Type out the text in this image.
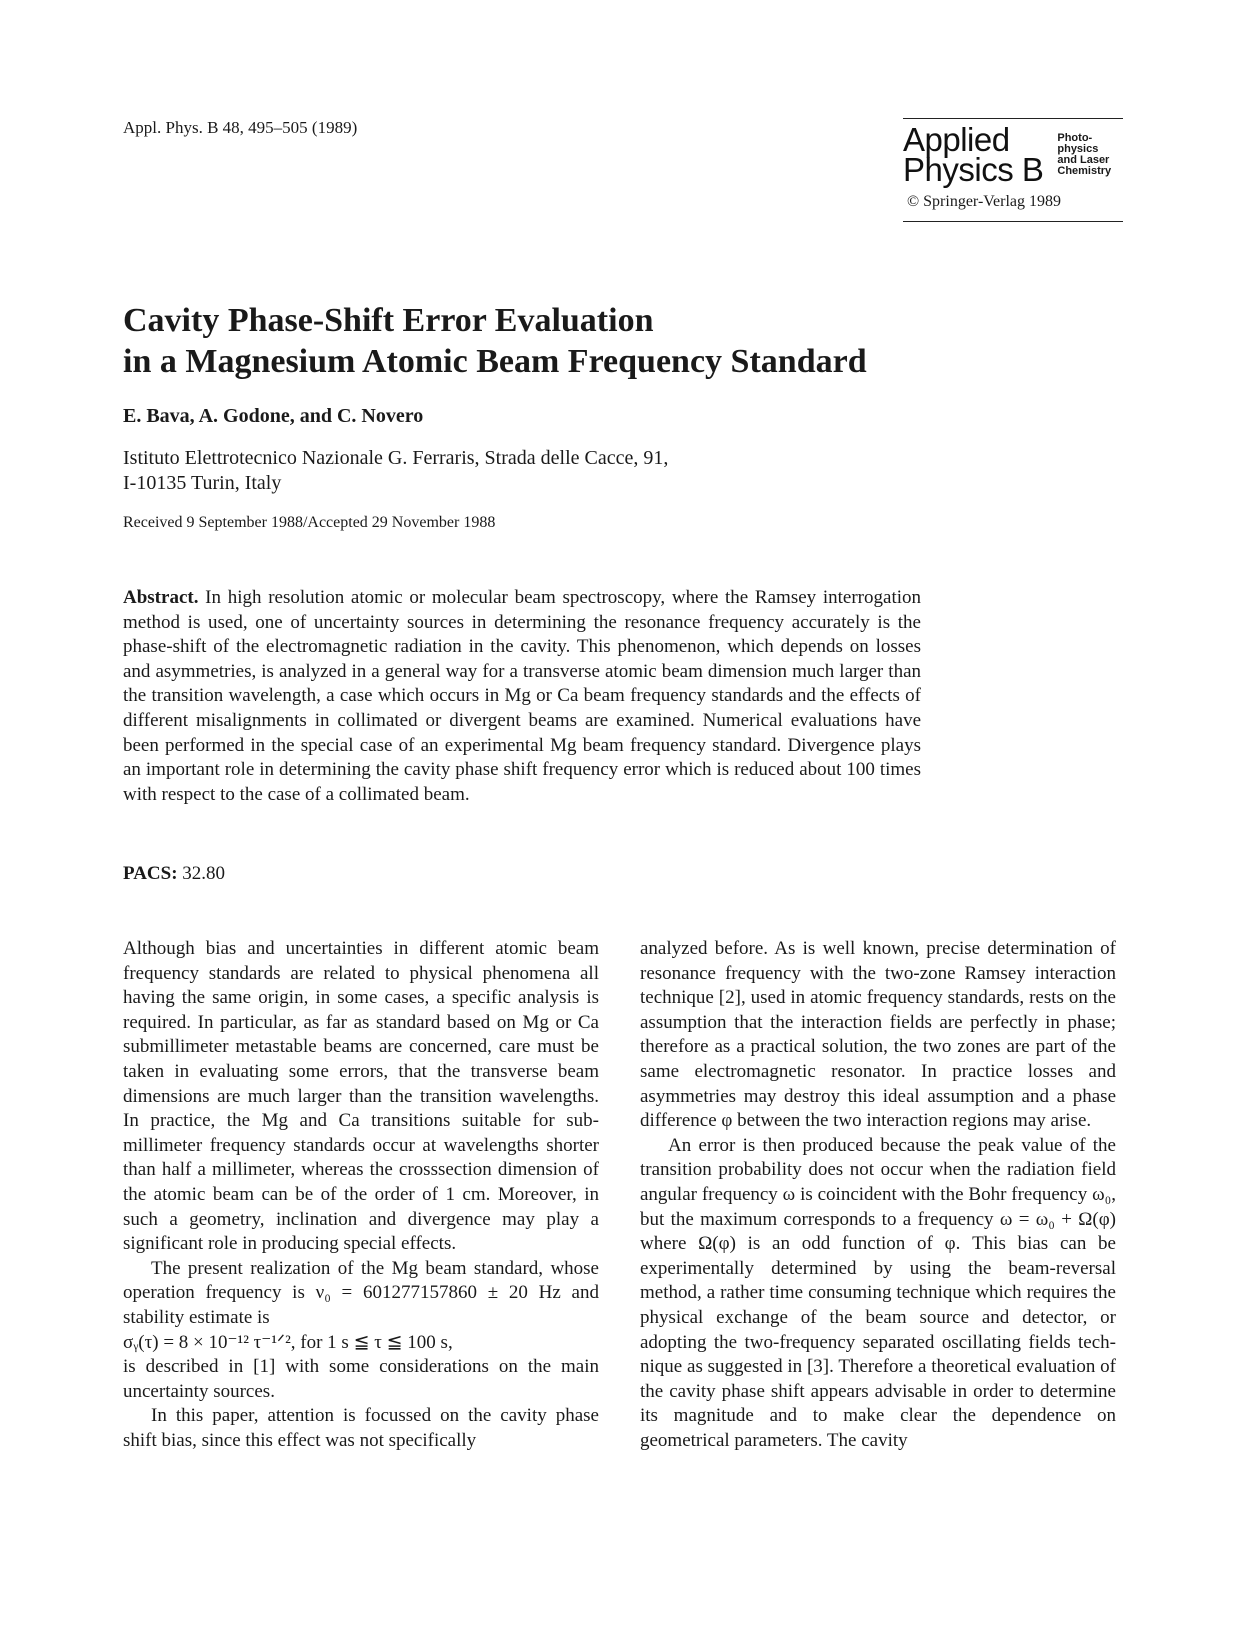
Appl. Phys. B 48, 495–505 (1989)	Applied
Physics B
Photo-
physics
and Laser
Chemistry
© Springer-Verlag 1989
Cavity Phase-Shift Error Evaluation
in a Magnesium Atomic Beam Frequency Standard
E. Bava, A. Godone, and C. Novero
Istituto Elettrotecnico Nazionale G. Ferraris, Strada delle Cacce, 91,
I-10135 Turin, Italy
Received 9 September 1988/Accepted 29 November 1988
Abstract. In high resolution atomic or molecular beam spectroscopy, where the Ramsey interrogation method is used, one of uncertainty sources in determining the resonance frequency accurately is the phase-shift of the electromagnetic radiation in the cavity. This phenomenon, which depends on losses and asymmetries, is analyzed in a general way for a transverse atomic beam dimension much larger than the transition wavelength, a case which occurs in Mg or Ca beam frequency standards and the effects of different misalignments in collimated or divergent beams are examined. Numerical evaluations have been performed in the special case of an experimental Mg beam frequency standard. Divergence plays an important role in determining the cavity phase shift frequency error which is reduced about 100 times with respect to the case of a collimated beam.
PACS: 32.80

Although bias and uncertainties in different atomic beam frequency standards are related to physical phenomena all having the same origin, in some cases, a specific analysis is required. In particular, as far as standard based on Mg or Ca submillimeter metastable beams are concerned, care must be taken in evaluating some errors, that the transverse beam dimensions are much larger than the transition wavelengths. In practice, the Mg and Ca transitions suitable for submillimeter frequency standards occur at wavelengths shorter than half a millimeter, whereas the crosssection dimension of the atomic beam can be of the order of 1 cm. Moreover, in such a geometry, inclination and divergence may play a significant role in producing special effects.

The present realization of the Mg beam standard, whose operation frequency is ν₀ = 601277157860 ± 20 Hz and stability estimate is

σᵧ(τ) = 8 × 10⁻¹² τ⁻¹ᐟ², for 1 s ≦ τ ≦ 100 s,

is described in [1] with some considerations on the main uncertainty sources.

In this paper, attention is focussed on the cavity phase shift bias, since this effect was not specifically

analyzed before. As is well known, precise determination of resonance frequency with the two-zone Ramsey interaction technique [2], used in atomic frequency standards, rests on the assumption that the interaction fields are perfectly in phase; therefore as a practical solution, the two zones are part of the same electromagnetic resonator. In practice losses and asymmetries may destroy this ideal assumption and a phase difference φ between the two interaction regions may arise.

An error is then produced because the peak value of the transition probability does not occur when the radiation field angular frequency ω is coincident with the Bohr frequency ω₀, but the maximum corresponds to a frequency ω = ω₀ + Ω(φ) where Ω(φ) is an odd function of φ. This bias can be experimentally determined by using the beam-reversal method, a rather time consuming technique which requires the physical exchange of the beam source and detector, or adopting the two-frequency separated oscillating fields technique as suggested in [3]. Therefore a theoretical evaluation of the cavity phase shift appears advisable in order to determine its magnitude and to make clear the dependence on geometrical parameters. The cavity
